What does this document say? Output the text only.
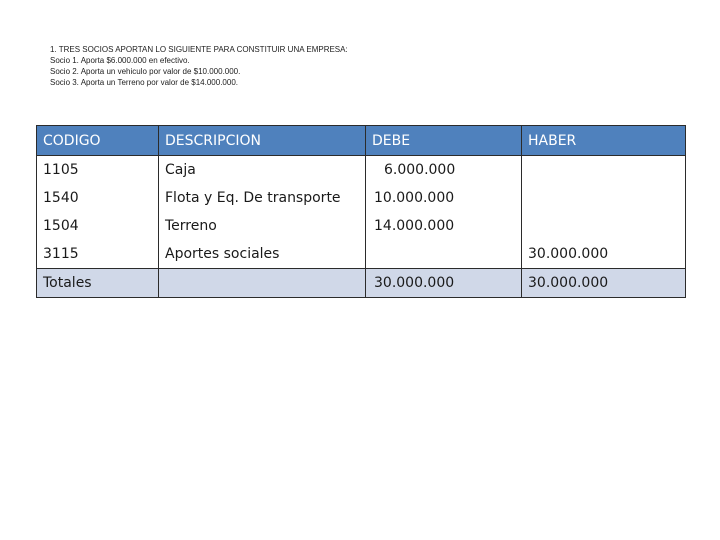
1. TRES SOCIOS APORTAN LO SIGUIENTE PARA CONSTITUIR UNA EMPRESA:
Socio 1. Aporta $6.000.000 en efectivo.
Socio 2. Aporta un vehiculo por valor de $10.000.000.
Socio 3. Aporta un Terreno por valor de $14.000.000.
CODIGO	DESCRIPCION	DEBE	HABER
1105	Caja	6.000.000	
1540	Flota y Eq. De transporte	10.000.000	
1504	Terreno	14.000.000	
3115	Aportes sociales		30.000.000
Totales		30.000.000	30.000.000
